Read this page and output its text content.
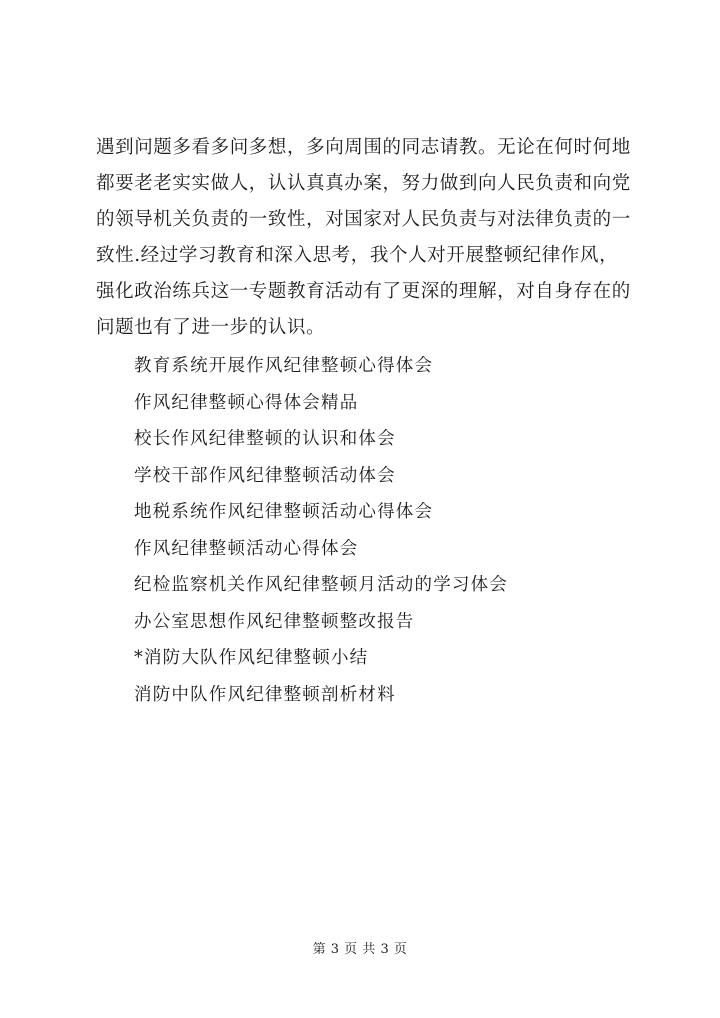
遇到问题多看多问多想，多向周围的同志请教。无论在何时何地
都要老老实实做人，认认真真办案，努力做到向人民负责和向党
的领导机关负责的一致性，对国家对人民负责与对法律负责的一
致性.经过学习教育和深入思考，我个人对开展整顿纪律作风，
强化政治练兵这一专题教育活动有了更深的理解，对自身存在的
问题也有了进一步的认识。
教育系统开展作风纪律整顿心得体会
作风纪律整顿心得体会精品
校长作风纪律整顿的认识和体会
学校干部作风纪律整顿活动体会
地税系统作风纪律整顿活动心得体会
作风纪律整顿活动心得体会
纪检监察机关作风纪律整顿月活动的学习体会
办公室思想作风纪律整顿整改报告
*消防大队作风纪律整顿小结
消防中队作风纪律整顿剖析材料
第 3 页 共 3 页
